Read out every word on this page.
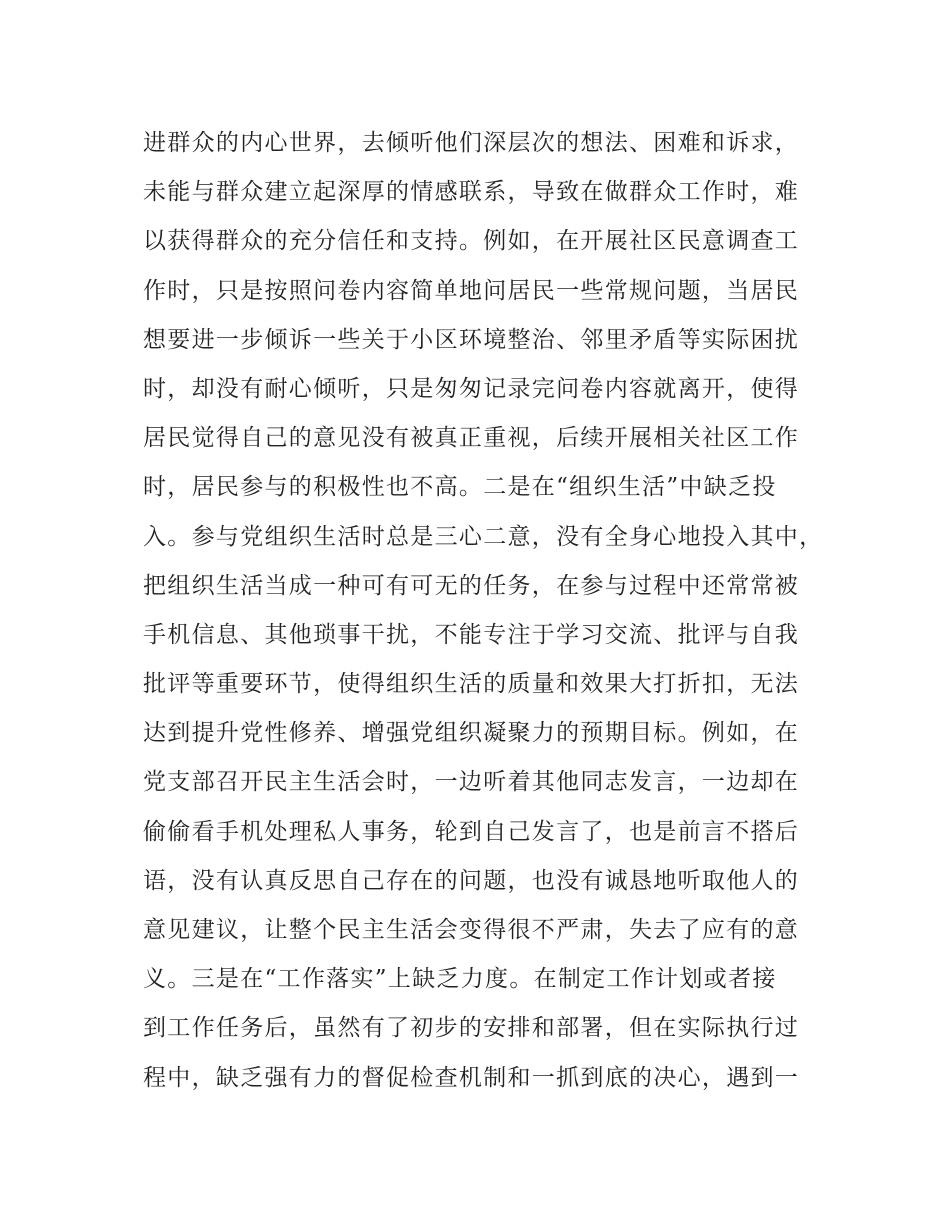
进群众的内心世界，去倾听他们深层次的想法、困难和诉求，
未能与群众建立起深厚的情感联系，导致在做群众工作时，难
以获得群众的充分信任和支持。例如，在开展社区民意调查工
作时，只是按照问卷内容简单地问居民一些常规问题，当居民
想要进一步倾诉一些关于小区环境整治、邻里矛盾等实际困扰
时，却没有耐心倾听，只是匆匆记录完问卷内容就离开，使得
居民觉得自己的意见没有被真正重视，后续开展相关社区工作
时，居民参与的积极性也不高。二是在“组织生活”中缺乏投
入。参与党组织生活时总是三心二意，没有全身心地投入其中，
把组织生活当成一种可有可无的任务，在参与过程中还常常被
手机信息、其他琐事干扰，不能专注于学习交流、批评与自我
批评等重要环节，使得组织生活的质量和效果大打折扣，无法
达到提升党性修养、增强党组织凝聚力的预期目标。例如，在
党支部召开民主生活会时，一边听着其他同志发言，一边却在
偷偷看手机处理私人事务，轮到自己发言了，也是前言不搭后
语，没有认真反思自己存在的问题，也没有诚恳地听取他人的
意见建议，让整个民主生活会变得很不严肃，失去了应有的意
义。三是在“工作落实”上缺乏力度。在制定工作计划或者接
到工作任务后，虽然有了初步的安排和部署，但在实际执行过
程中，缺乏强有力的督促检查机制和一抓到底的决心，遇到一
